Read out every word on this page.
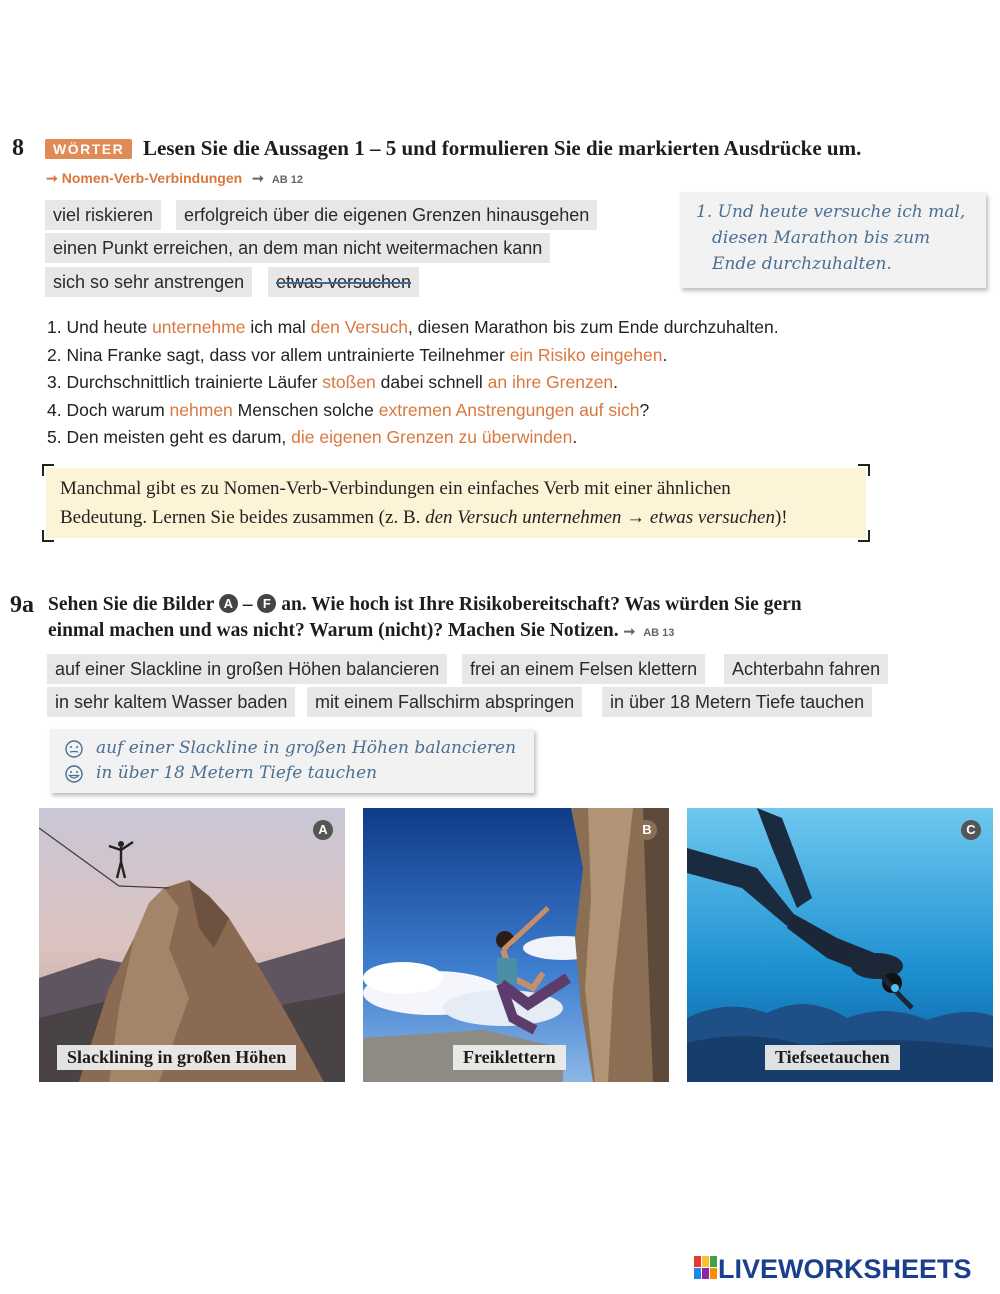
8	WÖRTER Lesen Sie die Aussagen 1 – 5 und formulieren Sie die markierten Ausdrücke um.
➞ Nomen-Verb-Verbindungen ➞ AB 12
viel riskieren	erfolgreich über die eigenen Grenzen hinausgehen
einen Punkt erreichen, an dem man nicht weitermachen kann
sich so sehr anstrengen	etwas versuchen
1. Und heute versuche ich mal,
diesen Marathon bis zum
Ende durchzuhalten.
1. Und heute unternehme ich mal den Versuch, diesen Marathon bis zum Ende durchzuhalten.
2. Nina Franke sagt, dass vor allem untrainierte Teilnehmer ein Risiko eingehen.
3. Durchschnittlich trainierte Läufer stoßen dabei schnell an ihre Grenzen.
4. Doch warum nehmen Menschen solche extremen Anstrengungen auf sich?
5. Den meisten geht es darum, die eigenen Grenzen zu überwinden.
Manchmal gibt es zu Nomen-Verb-Verbindungen ein einfaches Verb mit einer ähnlichen
Bedeutung. Lernen Sie beides zusammen (z. B. den Versuch unternehmen → etwas versuchen)!
9a Sehen Sie die Bilder A – F an. Wie hoch ist Ihre Risikobereitschaft? Was würden Sie gern
einmal machen und was nicht? Warum (nicht)? Machen Sie Notizen. ➞ AB 13
auf einer Slackline in großen Höhen balancieren	frei an einem Felsen klettern	Achterbahn fahren
in sehr kaltem Wasser baden	mit einem Fallschirm abspringen	in über 18 Metern Tiefe tauchen
auf einer Slackline in großen Höhen balancieren
in über 18 Metern Tiefe tauchen
A
Slacklining in großen Höhen
B
Freiklettern
C
Tiefseetauchen
LIVEWORKSHEETS
